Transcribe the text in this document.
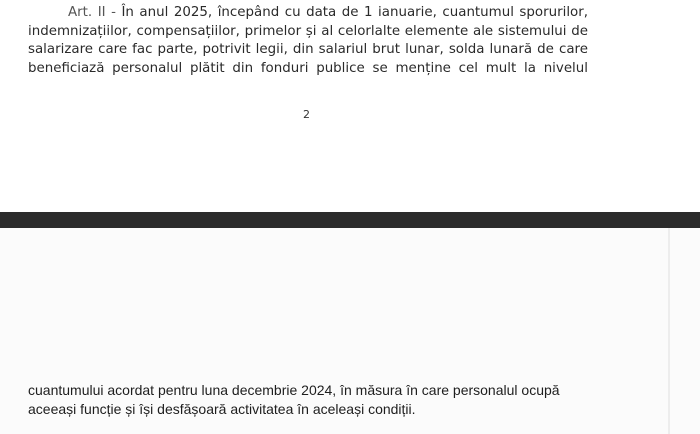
Art. II - În anul 2025, începând cu data de 1 ianuarie, cuantumul sporurilor,
indemnizațiilor, compensațiilor, primelor și al celorlalte elemente ale sistemului de
salarizare care fac parte, potrivit legii, din salariul brut lunar, solda lunară de care
beneficiază personalul plătit din fonduri publice se menține cel mult la nivelul
2
cuantumului acordat pentru luna decembrie 2024, în măsura în care personalul ocupă
aceeași funcție și își desfășoară activitatea în aceleași condiții.
